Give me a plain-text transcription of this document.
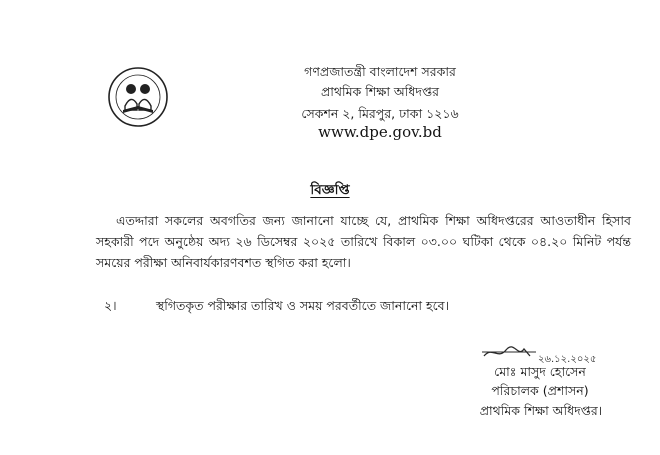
গণপ্রজাতন্ত্রী বাংলাদেশ সরকার
প্রাথমিক শিক্ষা অধিদপ্তর
সেকশন ২, মিরপুর, ঢাকা ১২১৬
www.dpe.gov.bd
বিজ্ঞপ্তি
এতদ্দারা সকলের অবগতির জন্য জানানো যাচ্ছে যে, প্রাথমিক শিক্ষা অধিদপ্তরের আওতাধীন হিসাব সহকারী পদে অনুষ্ঠেয় অদ্য ২৬ ডিসেম্বর ২০২৫ তারিখে বিকাল ০৩.০০ ঘটিকা থেকে ০৪.২০ মিনিট পর্যন্ত সময়ের পরীক্ষা অনিবার্যকারণবশত স্থগিত করা হলো।
২।	স্থগিতকৃত পরীক্ষার তারিখ ও সময় পরবর্তীতে জানানো হবে।
২৬.১২.২০২৫
মোঃ মাসুদ হোসেন
পরিচালক (প্রশাসন)
প্রাথমিক শিক্ষা অধিদপ্তর।
